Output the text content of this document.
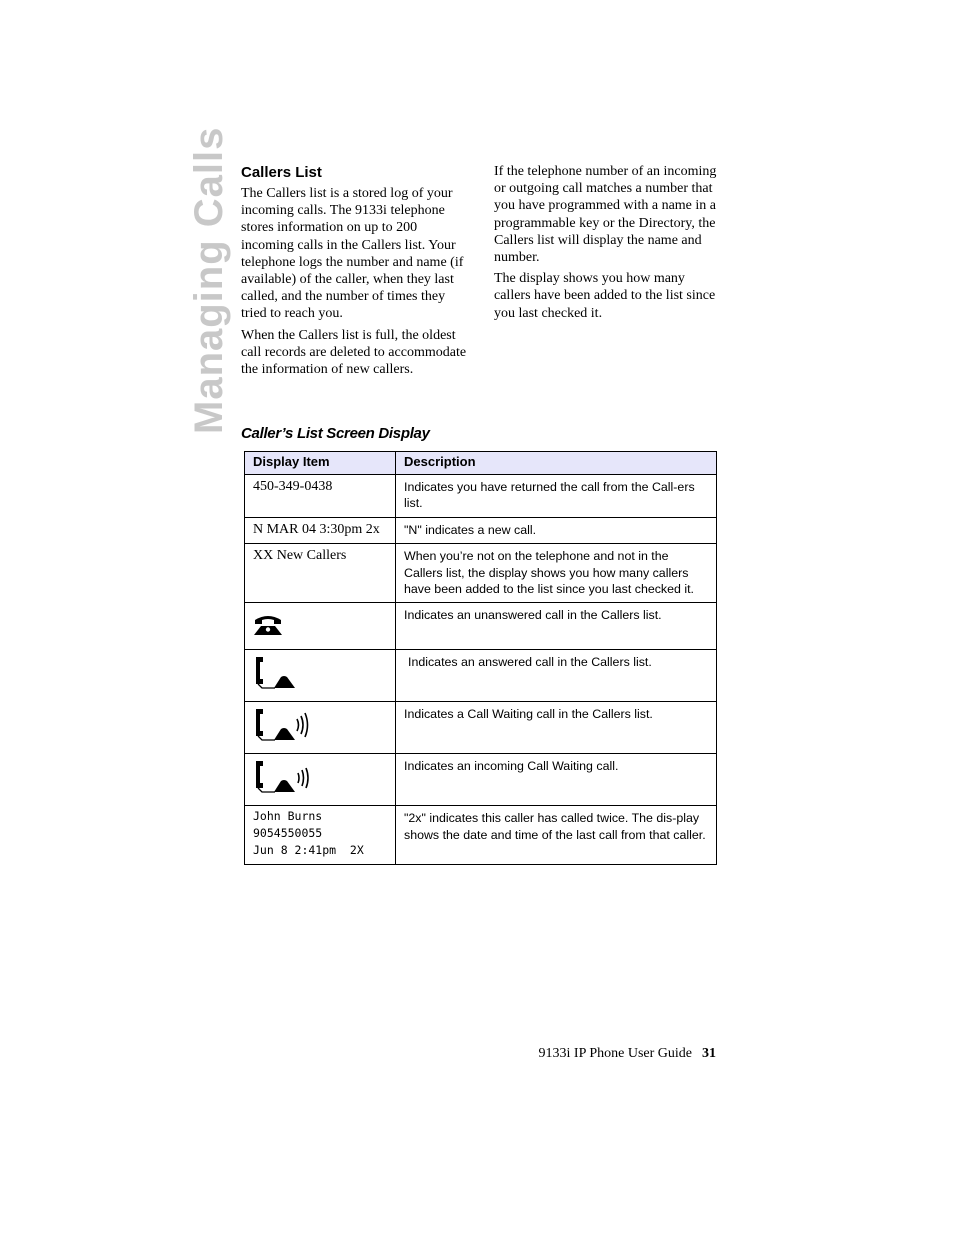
Managing Calls Callers List

The Callers list is a stored log of your incoming calls. The 9133i telephone stores information on up to 200 incoming calls in the Callers list. Your telephone logs the number and name (if available) of the caller, when they last called, and the number of times they tried to reach you.

When the Callers list is full, the oldest call records are deleted to accommodate the information of new callers.

If the telephone number of an incoming or outgoing call matches a number that you have programmed with a name in a programmable key or the Directory, the Callers list will display the name and number.

The display shows you how many callers have been added to the list since you last checked it.

Caller’s List Screen Display
Display Item	Description
450-349-0438	Indicates you have returned the call from the Call-ers list.
N MAR 04 3:30pm 2x	"N" indicates a new call.
XX New Callers	When you’re not on the telephone and not in the Callers list, the display shows you how many callers have been added to the list since you last checked it.
	Indicates an unanswered call in the Callers list.
	Indicates an answered call in the Callers list.
	Indicates a Call Waiting call in the Callers list.
	Indicates an incoming Call Waiting call.

John Burns
9054550055
Jun 8 2:41pm  2X	"2x" indicates this caller has called twice. The dis-play shows the date and time of the last call from that caller.
9133i IP Phone User Guide 31
